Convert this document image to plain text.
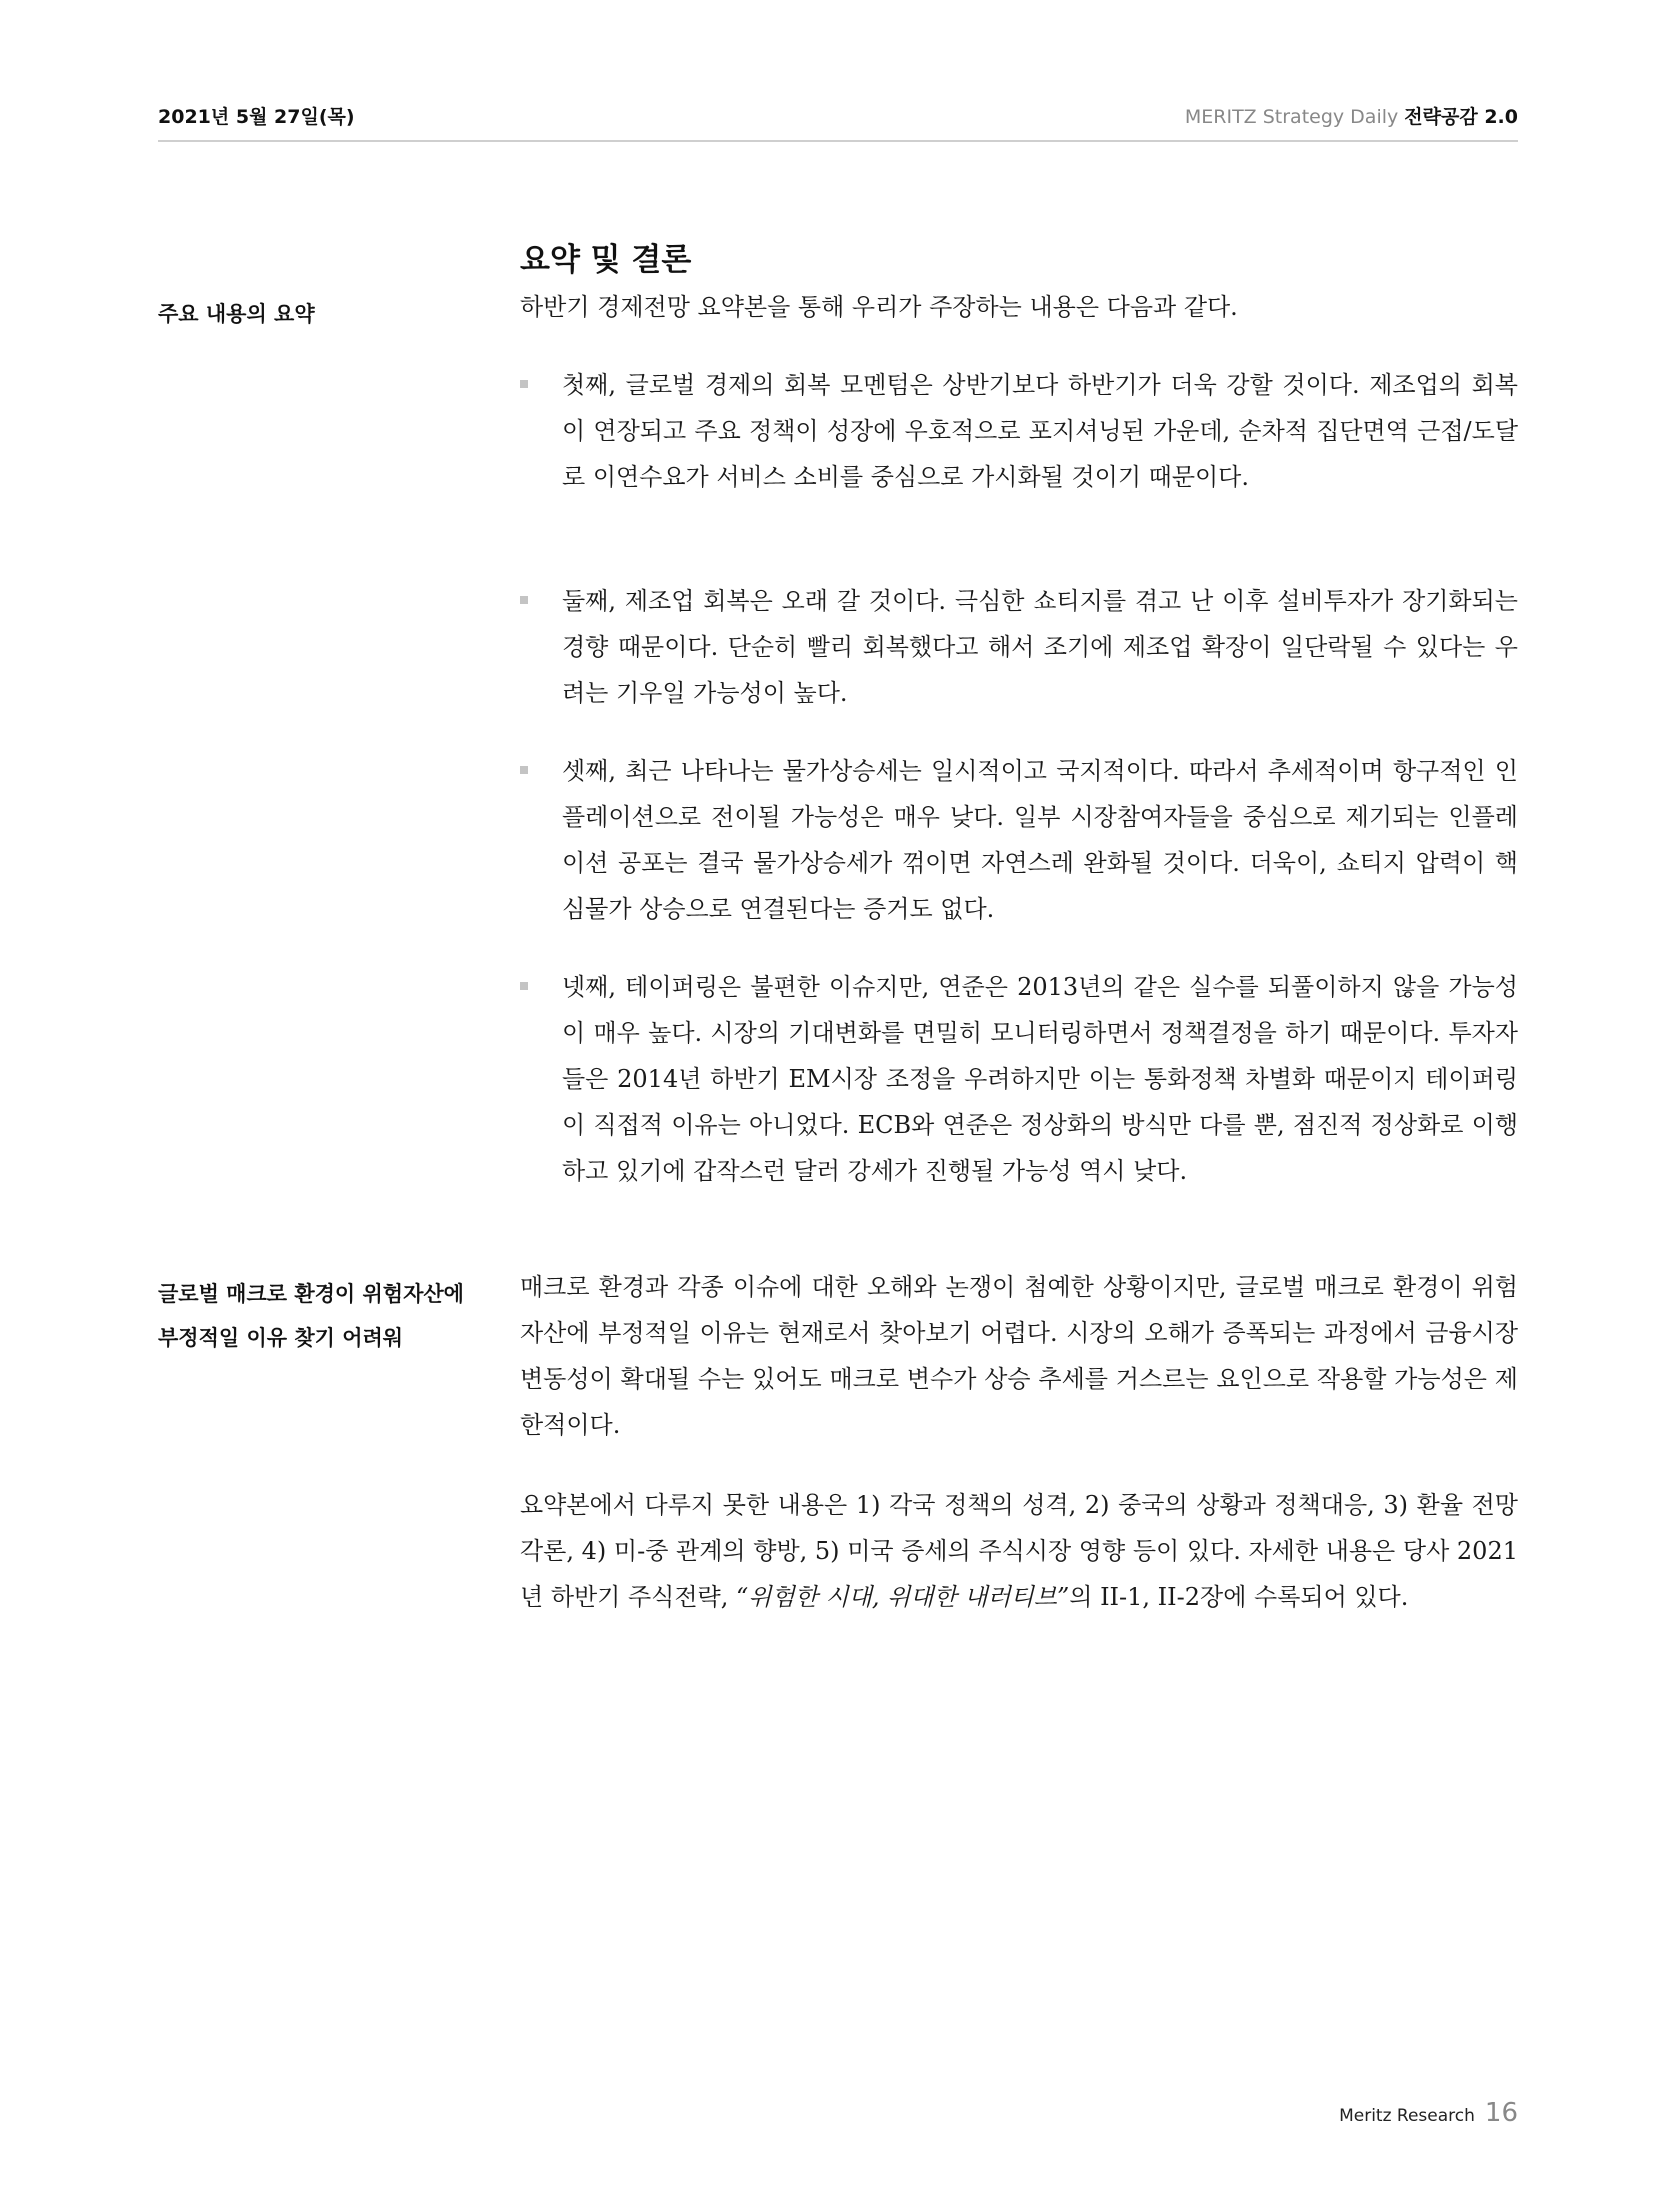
2021년 5월 27일(목)	MERITZ Strategy Daily 전략공감 2.0
요약 및 결론
주요 내용의 요약	하반기 경제전망 요약본을 통해 우리가 주장하는 내용은 다음과 같다.

첫째, 글로벌 경제의 회복 모멘텀은 상반기보다 하반기가 더욱 강할 것이다. 제조업의 회복이 연장되고 주요 정책이 성장에 우호적으로 포지셔닝된 가운데, 순차적 집단면역 근접/도달로 이연수요가 서비스 소비를 중심으로 가시화될 것이기 때문이다.
둘째, 제조업 회복은 오래 갈 것이다. 극심한 쇼티지를 겪고 난 이후 설비투자가 장기화되는 경향 때문이다. 단순히 빨리 회복했다고 해서 조기에 제조업 확장이 일단락될 수 있다는 우려는 기우일 가능성이 높다.
셋째, 최근 나타나는 물가상승세는 일시적이고 국지적이다. 따라서 추세적이며 항구적인 인플레이션으로 전이될 가능성은 매우 낮다. 일부 시장참여자들을 중심으로 제기되는 인플레이션 공포는 결국 물가상승세가 꺾이면 자연스레 완화될 것이다. 더욱이, 쇼티지 압력이 핵심물가 상승으로 연결된다는 증거도 없다.
넷째, 테이퍼링은 불편한 이슈지만, 연준은 2013년의 같은 실수를 되풀이하지 않을 가능성이 매우 높다. 시장의 기대변화를 면밀히 모니터링하면서 정책결정을 하기 때문이다. 투자자들은 2014년 하반기 EM시장 조정을 우려하지만 이는 통화정책 차별화 때문이지 테이퍼링이 직접적 이유는 아니었다. ECB와 연준은 정상화의 방식만 다를 뿐, 점진적 정상화로 이행하고 있기에 갑작스런 달러 강세가 진행될 가능성 역시 낮다.
글로벌 매크로 환경이 위험자산에
부정적일 이유 찾기 어려워

매크로 환경과 각종 이슈에 대한 오해와 논쟁이 첨예한 상황이지만, 글로벌 매크로 환경이 위험자산에 부정적일 이유는 현재로서 찾아보기 어렵다. 시장의 오해가 증폭되는 과정에서 금융시장 변동성이 확대될 수는 있어도 매크로 변수가 상승 추세를 거스르는 요인으로 작용할 가능성은 제한적이다.

요약본에서 다루지 못한 내용은 1) 각국 정책의 성격, 2) 중국의 상황과 정책대응, 3) 환율 전망 각론, 4) 미-중 관계의 향방, 5) 미국 증세의 주식시장 영향 등이 있다. 자세한 내용은 당사 2021년 하반기 주식전략, “위험한 시대, 위대한 내러티브”의 II-1, II-2장에 수록되어 있다.

Meritz Research 16
